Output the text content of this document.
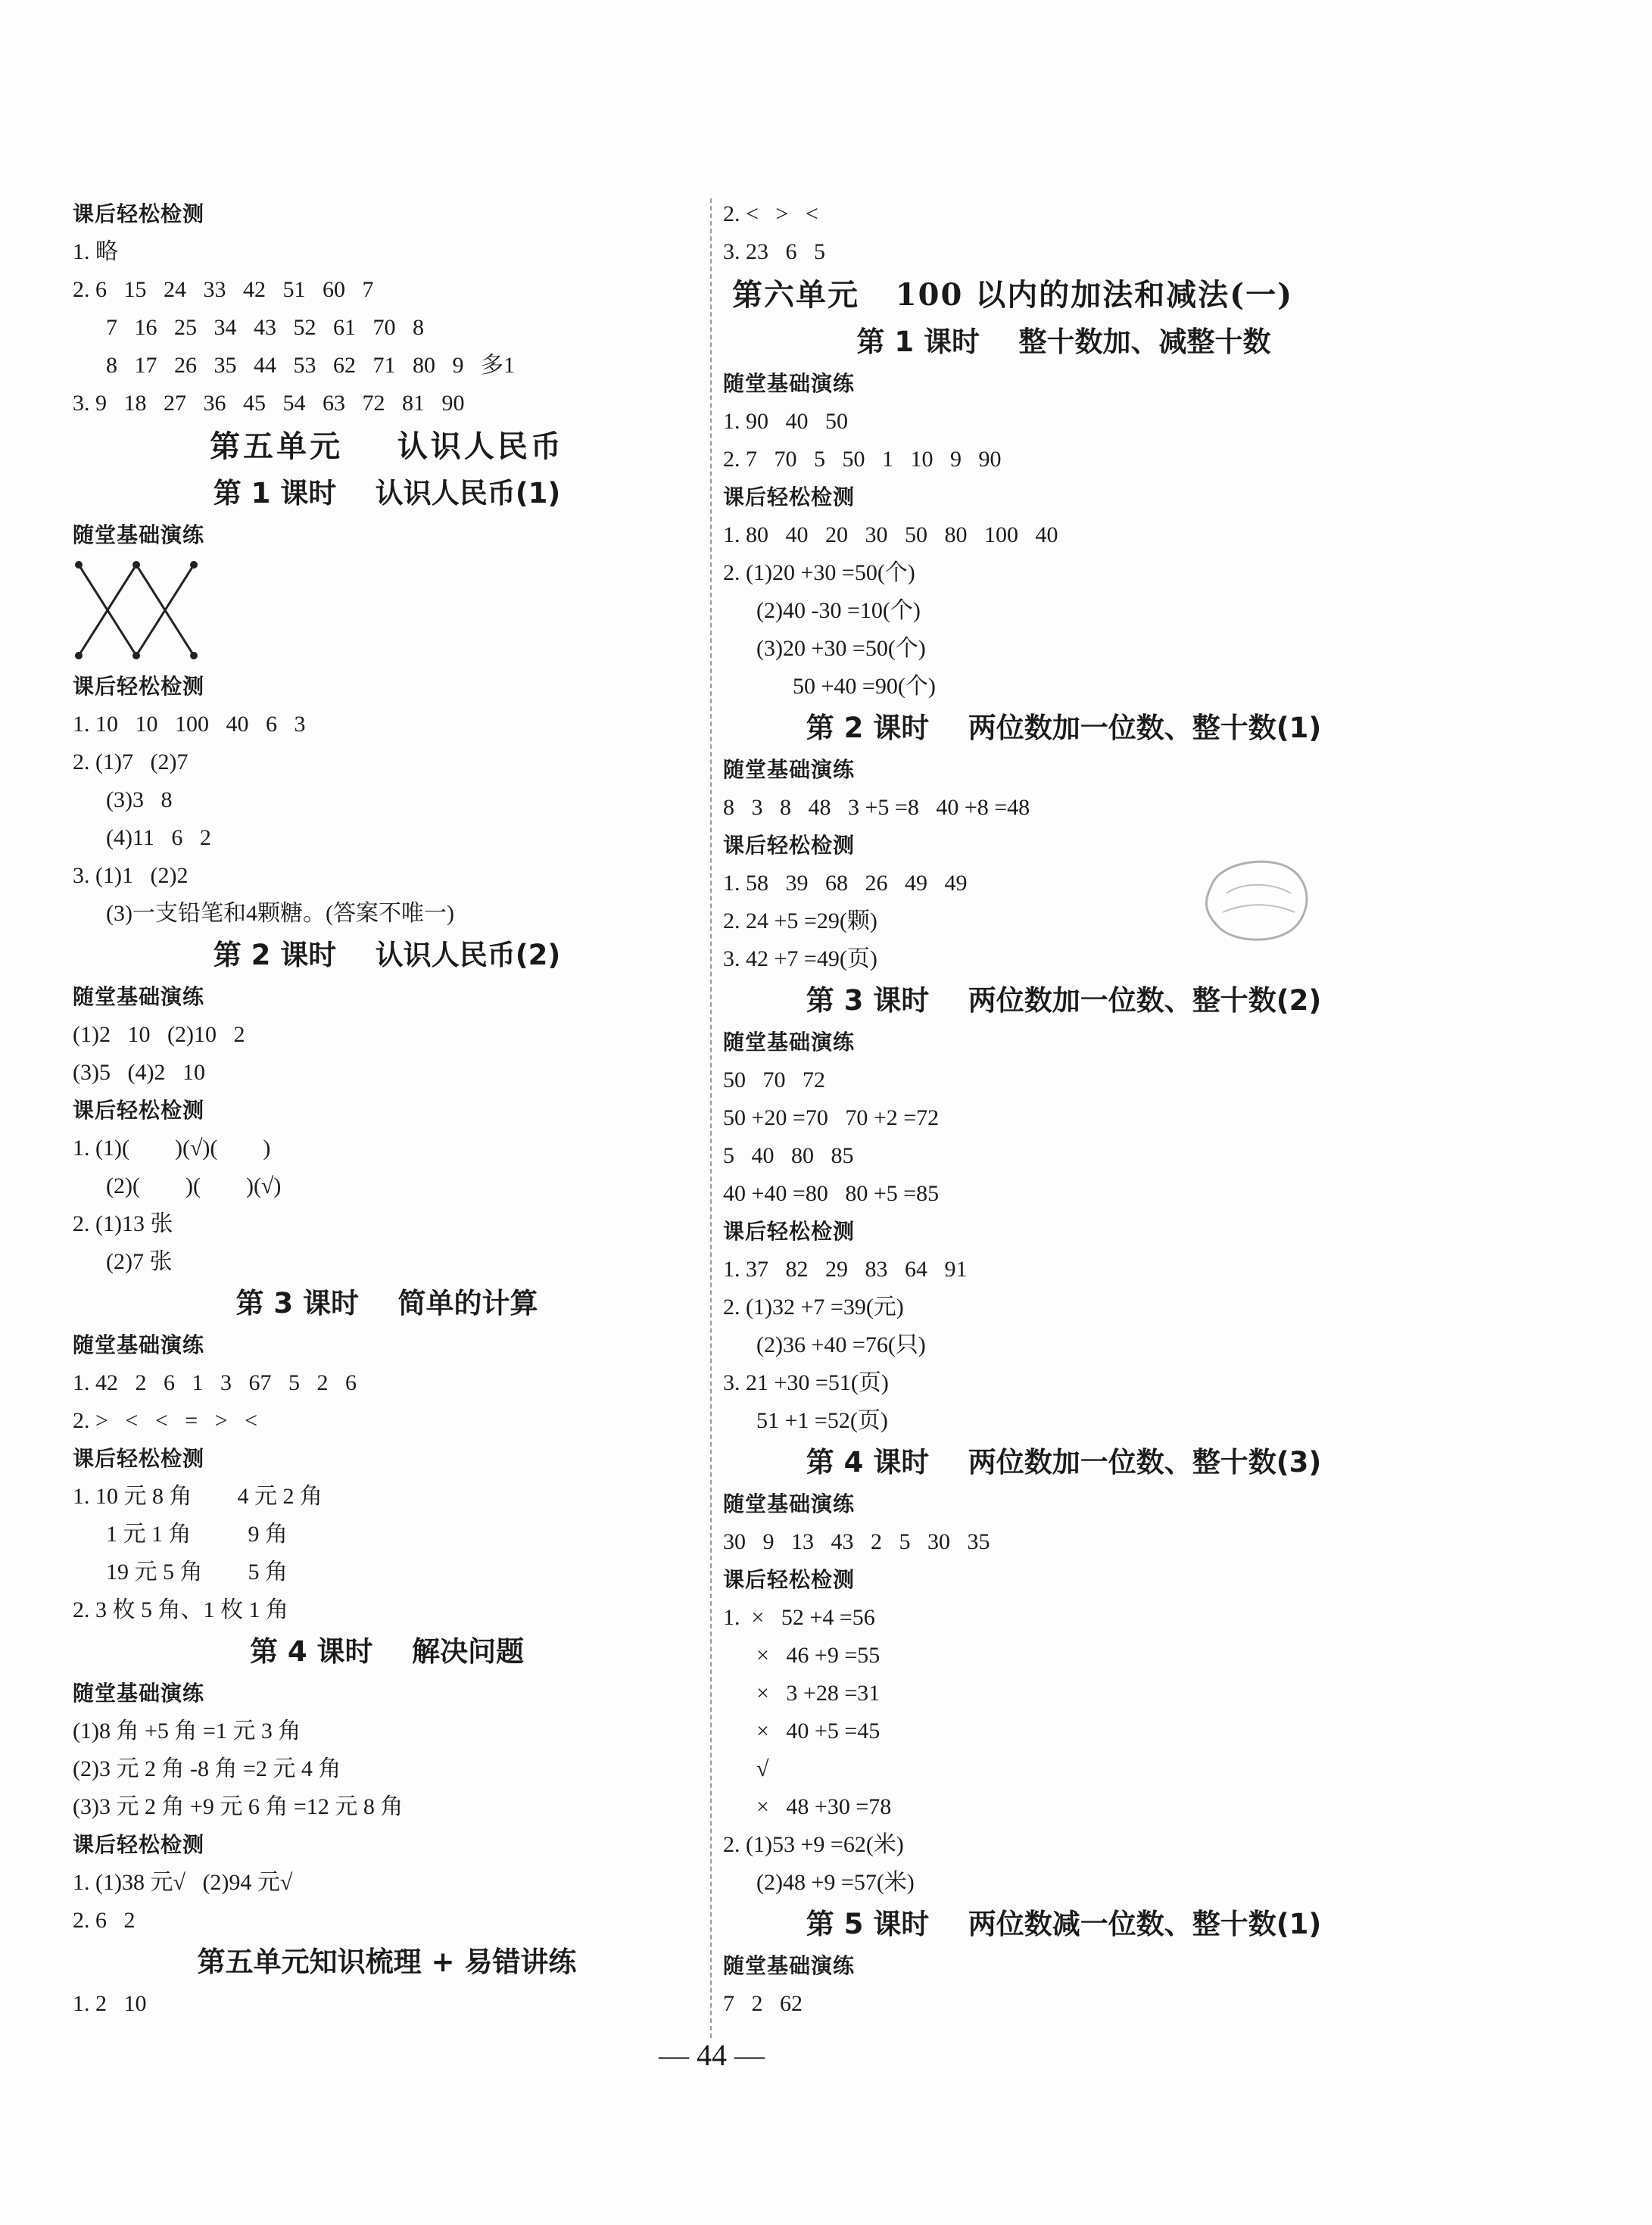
课后轻松检测
1. 略
2. 6   15   24   33   42   51   60   7
7   16   25   34   43   52   61   70   8
8   17   26   35   44   53   62   71   80   9   多1
3. 9   18   27   36   45   54   63   72   81   90
第五单元    认识人民币
第 1 课时    认识人民币(1)
随堂基础演练
课后轻松检测
1. 10   10   100   40   6   3
2. (1)7   (2)7
(3)3   8
(4)11   6   2
3. (1)1   (2)2
(3)一支铅笔和4颗糖。(答案不唯一)
第 2 课时    认识人民币(2)
随堂基础演练
(1)2   10   (2)10   2
(3)5   (4)2   10
课后轻松检测
1. (1)(        )(√)(        )
(2)(        )(        )(√)
2. (1)13 张
(2)7 张
第 3 课时    简单的计算
随堂基础演练
1. 42   2   6   1   3   67   5   2   6
2. >   <   <   =   >   <
课后轻松检测
1. 10 元 8 角        4 元 2 角
1 元 1 角          9 角
19 元 5 角        5 角
2. 3 枚 5 角、1 枚 1 角
第 4 课时    解决问题
随堂基础演练
(1)8 角 +5 角 =1 元 3 角
(2)3 元 2 角 -8 角 =2 元 4 角
(3)3 元 2 角 +9 元 6 角 =12 元 8 角
课后轻松检测
1. (1)38 元√   (2)94 元√
2. 6   2
第五单元知识梳理 + 易错讲练
1. 2   10
2. <   >   <
3. 23   6   5
第六单元   100 以内的加法和减法(一)
第 1 课时    整十数加、减整十数
随堂基础演练
1. 90   40   50
2. 7   70   5   50   1   10   9   90
课后轻松检测
1. 80   40   20   30   50   80   100   40
2. (1)20 +30 =50(个)
(2)40 -30 =10(个)
(3)20 +30 =50(个)
50 +40 =90(个)
第 2 课时    两位数加一位数、整十数(1)
随堂基础演练
8   3   8   48   3 +5 =8   40 +8 =48
课后轻松检测
1. 58   39   68   26   49   49
2. 24 +5 =29(颗)
3. 42 +7 =49(页)
第 3 课时    两位数加一位数、整十数(2)
随堂基础演练
50   70   72
50 +20 =70   70 +2 =72
5   40   80   85
40 +40 =80   80 +5 =85
课后轻松检测
1. 37   82   29   83   64   91
2. (1)32 +7 =39(元)
(2)36 +40 =76(只)
3. 21 +30 =51(页)
51 +1 =52(页)
第 4 课时    两位数加一位数、整十数(3)
随堂基础演练
30   9   13   43   2   5   30   35
课后轻松检测
1.  ×   52 +4 =56
×   46 +9 =55
×   3 +28 =31
×   40 +5 =45
√
×   48 +30 =78
2. (1)53 +9 =62(米)
(2)48 +9 =57(米)
第 5 课时    两位数减一位数、整十数(1)
随堂基础演练
7   2   62
— 44 —
